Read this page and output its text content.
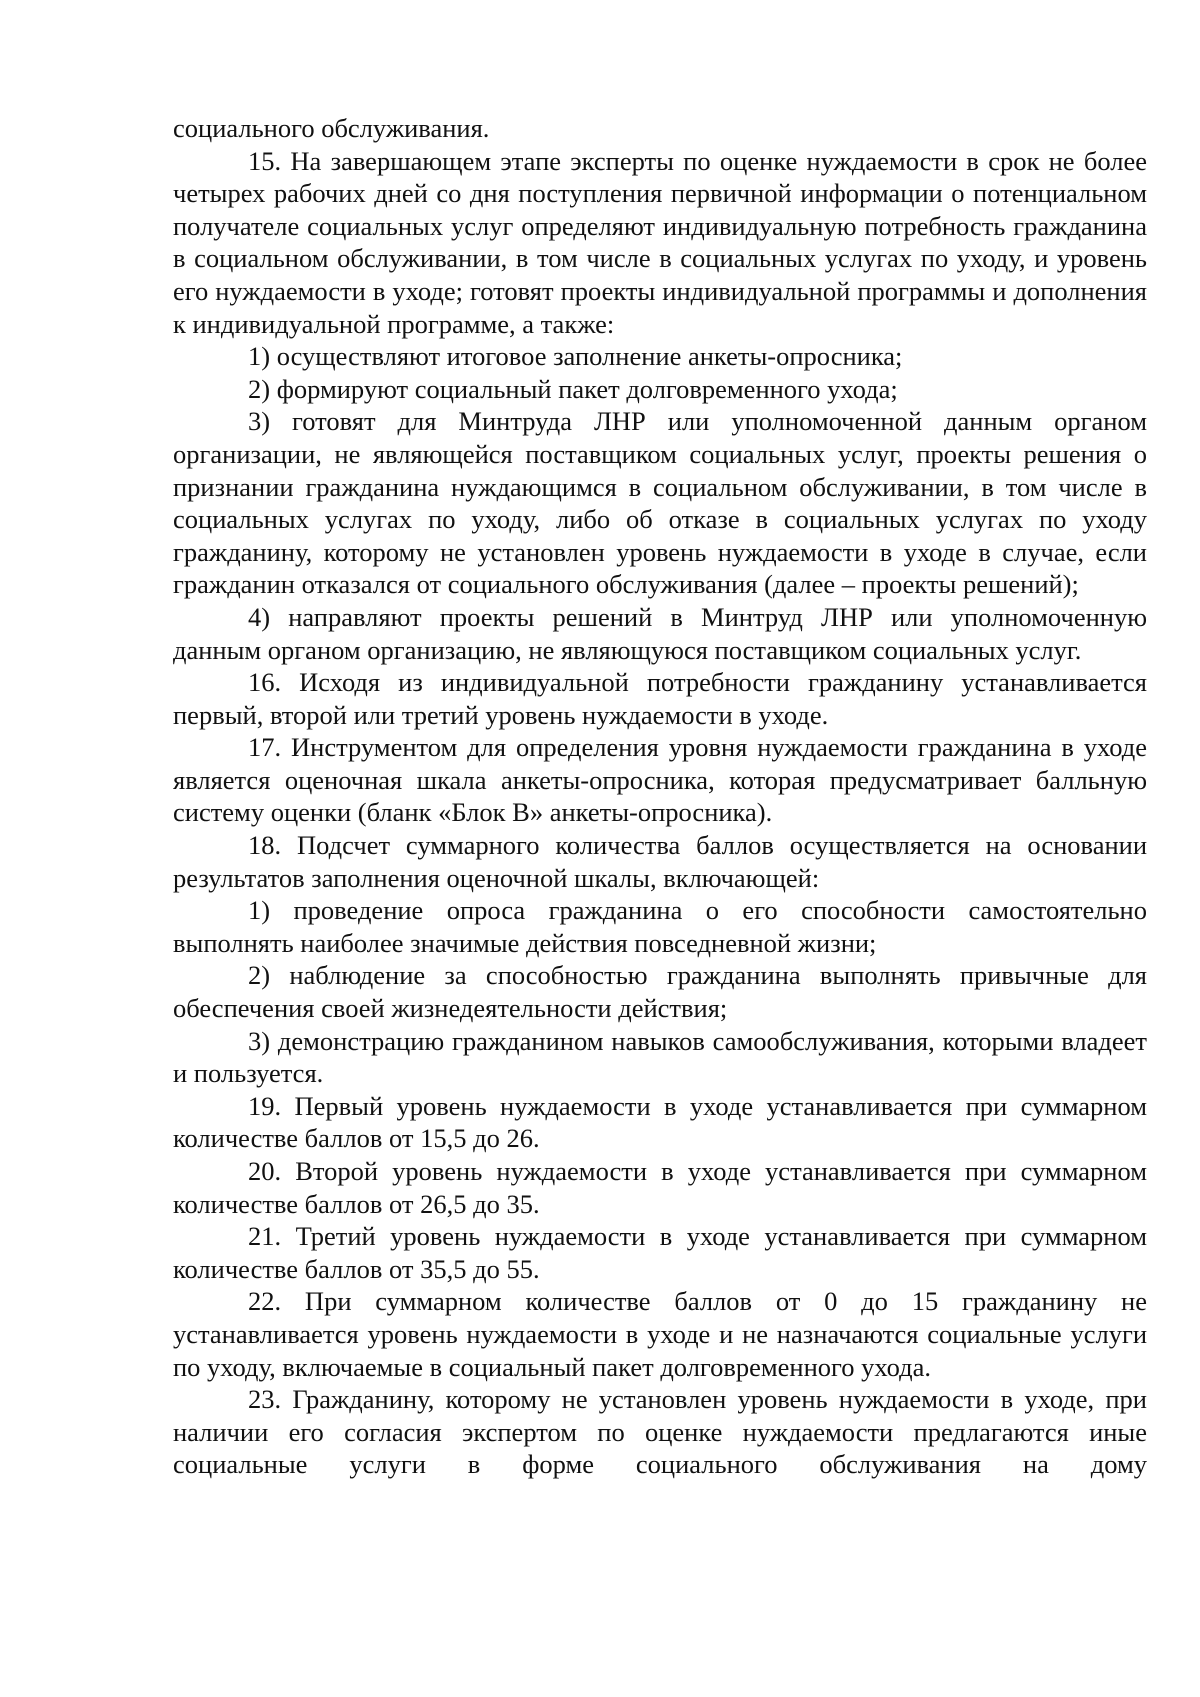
социального обслуживания.

15. На завершающем этапе эксперты по оценке нуждаемости в срок не более четырех рабочих дней со дня поступления первичной информации о потенциальном получателе социальных услуг определяют индивидуальную потребность гражданина в социальном обслуживании, в том числе в социальных услугах по уходу, и уровень его нуждаемости в уходе; готовят проекты индивидуальной программы и дополнения к индивидуальной программе, а также:

1) осуществляют итоговое заполнение анкеты-опросника;

2) формируют социальный пакет долговременного ухода;

3) готовят для Минтруда ЛНР или уполномоченной данным органом организации, не являющейся поставщиком социальных услуг, проекты решения о признании гражданина нуждающимся в социальном обслуживании, в том числе в социальных услугах по уходу, либо об отказе в социальных услугах по уходу гражданину, которому не установлен уровень нуждаемости в уходе в случае, если гражданин отказался от социального обслуживания (далее – проекты решений);

4) направляют проекты решений в Минтруд ЛНР или уполномоченную данным органом организацию, не являющуюся поставщиком социальных услуг.

16. Исходя из индивидуальной потребности гражданину устанавливается первый, второй или третий уровень нуждаемости в уходе.

17. Инструментом для определения уровня нуждаемости гражданина в уходе является оценочная шкала анкеты-опросника, которая предусматривает балльную систему оценки (бланк «Блок В» анкеты-опросника).

18. Подсчет суммарного количества баллов осуществляется на основании результатов заполнения оценочной шкалы, включающей:

1) проведение опроса гражданина о его способности самостоятельно выполнять наиболее значимые действия повседневной жизни;

2) наблюдение за способностью гражданина выполнять привычные для обеспечения своей жизнедеятельности действия;

3) демонстрацию гражданином навыков самообслуживания, которыми владеет и пользуется.

19. Первый уровень нуждаемости в уходе устанавливается при суммарном количестве баллов от 15,5 до 26.

20. Второй уровень нуждаемости в уходе устанавливается при суммарном количестве баллов от 26,5 до 35.

21. Третий уровень нуждаемости в уходе устанавливается при суммарном количестве баллов от 35,5 до 55.

22. При суммарном количестве баллов от 0 до 15 гражданину не устанавливается уровень нуждаемости в уходе и не назначаются социальные услуги по уходу, включаемые в социальный пакет долговременного ухода.

23. Гражданину, которому не установлен уровень нуждаемости в уходе, при наличии его согласия экспертом по оценке нуждаемости предлагаются иные социальные услуги в форме социального обслуживания на дому
